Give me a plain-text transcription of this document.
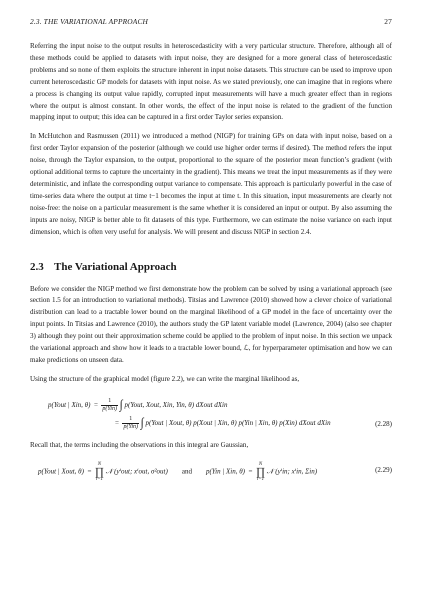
2.3. THE VARIATIONAL APPROACH	27

Referring the input noise to the output results in heteroscedasticity with a very particular structure. Therefore, although all of these methods could be applied to datasets with input noise, they are designed for a more general class of heteroscedastic problems and so none of them exploits the structure inherent in input noise datasets. This structure can be used to improve upon current heteroscedastic GP models for datasets with input noise. As we stated previously, one can imagine that in regions where a process is changing its output value rapidly, corrupted input measurements will have a much greater effect than in regions where the output is almost constant. In other words, the effect of the input noise is related to the gradient of the function mapping input to output; this idea can be captured in a first order Taylor series expansion.

In McHutchon and Rasmussen (2011) we introduced a method (NIGP) for training GPs on data with input noise, based on a first order Taylor expansion of the posterior (although we could use higher order terms if desired). The method refers the input noise, through the Taylor expansion, to the output, proportional to the square of the posterior mean function’s gradient (with optional additional terms to capture the uncertainty in the gradient). This means we treat the input measurements as if they were deterministic, and inflate the corresponding output variance to compensate. This approach is particularly powerful in the case of time-series data where the output at time t−1 becomes the input at time t. In this situation, input measurements are clearly not noise-free: the noise on a particular measurement is the same whether it is considered an input or output. By also assuming the inputs are noisy, NIGP is better able to fit datasets of this type. Furthermore, we can estimate the noise variance on each input dimension, which is often very useful for analysis. We will present and discuss NIGP in section 2.4.

2.3 The Variational Approach

Before we consider the NIGP method we first demonstrate how the problem can be solved by using a variational approach (see section 1.5 for an introduction to variational methods). Titsias and Lawrence (2010) showed how a clever choice of variational distribution can lead to a tractable lower bound on the marginal likelihood of a GP model in the face of uncertainty over the input points. In Titsias and Lawrence (2010), the authors study the GP latent variable model (Lawrence, 2004) (also see chapter 3) although they point out their approximation scheme could be applied to the problem of input noise. In this section we unpack the variational approach and show how it leads to a tractable lower bound, ℒ, for hyperparameter optimisation and how we can make predictions on unseen data.

Using the structure of the graphical model (figure 2.2), we can write the marginal likelihood as,

p(Yout | Xin, $\theta) = \frac{1}{\text{p(Yin)}}$ ∫ p(Yout, Xout, Xin, Yin, θ) dXout dXin
= $\frac{1}{\text{p(Yin)}}$ ∫ p(Yout | Xout, θ) p(Xout | Xin, θ) p(Yin | Xin, θ) p(Xin) dXout dXin	(2.28)

Recall that, the terms including the observations in this integral are Gaussian,

p(Yout | Xout, θ)  =  N
∏
i=1 𝒩 (yⁱout; xⁱout, σ²out) and p(Yin | Xin, θ)  =  N
∏
i=1 𝒩 (yⁱin; xⁱin, Σin)	(2.29)
